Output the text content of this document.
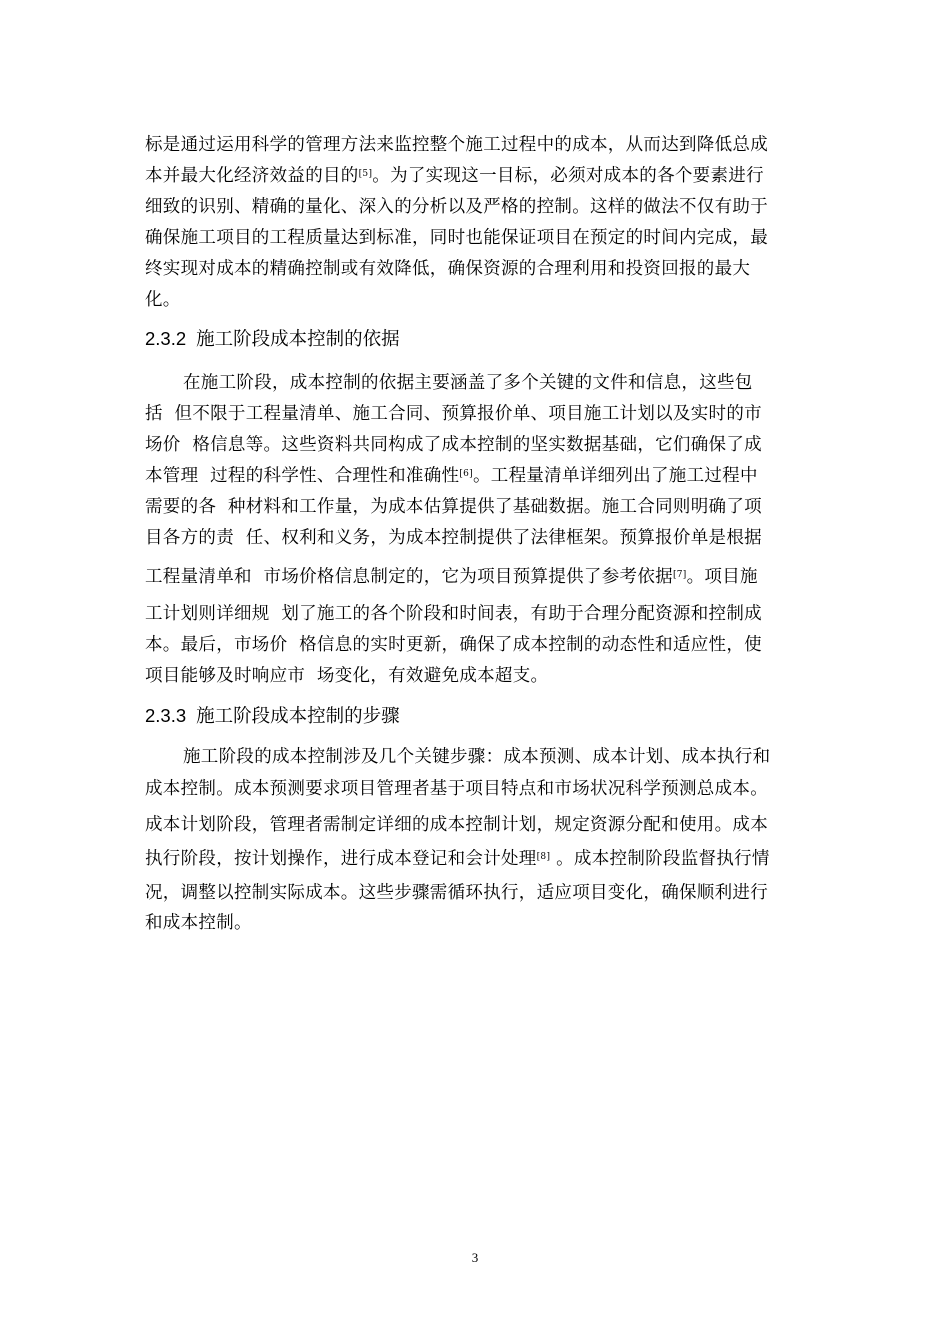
标是通过运用科学的管理方法来监控整个施工过程中的成本，从而达到降低总成
本并最大化经济效益的目的[5]。为了实现这一目标，必须对成本的各个要素进行
细致的识别、精确的量化、深入的分析以及严格的控制。这样的做法不仅有助于
确保施工项目的工程质量达到标准，同时也能保证项目在预定的时间内完成，最
终实现对成本的精确控制或有效降低，确保资源的合理利用和投资回报的最大
化。
2.3.2 施工阶段成本控制的依据
在施工阶段，成本控制的依据主要涵盖了多个关键的文件和信息，这些包
括  但不限于工程量清单、施工合同、预算报价单、项目施工计划以及实时的市
场价  格信息等。这些资料共同构成了成本控制的坚实数据基础，它们确保了成
本管理  过程的科学性、合理性和准确性[6]。工程量清单详细列出了施工过程中
需要的各  种材料和工作量，为成本估算提供了基础数据。施工合同则明确了项
目各方的责  任、权利和义务，为成本控制提供了法律框架。预算报价单是根据
工程量清单和  市场价格信息制定的，它为项目预算提供了参考依据[7]。项目施
工计划则详细规  划了施工的各个阶段和时间表，有助于合理分配资源和控制成
本。最后，市场价  格信息的实时更新，确保了成本控制的动态性和适应性，使
项目能够及时响应市  场变化，有效避免成本超支。
2.3.3 施工阶段成本控制的步骤
施工阶段的成本控制涉及几个关键步骤：成本预测、成本计划、成本执行和
成本控制。成本预测要求项目管理者基于项目特点和市场状况科学预测总成本。
成本计划阶段，管理者需制定详细的成本控制计划，规定资源分配和使用。成本
执行阶段，按计划操作，进行成本登记和会计处理[8] 。成本控制阶段监督执行情
况，调整以控制实际成本。这些步骤需循环执行，适应项目变化，确保顺利进行
和成本控制。
3
